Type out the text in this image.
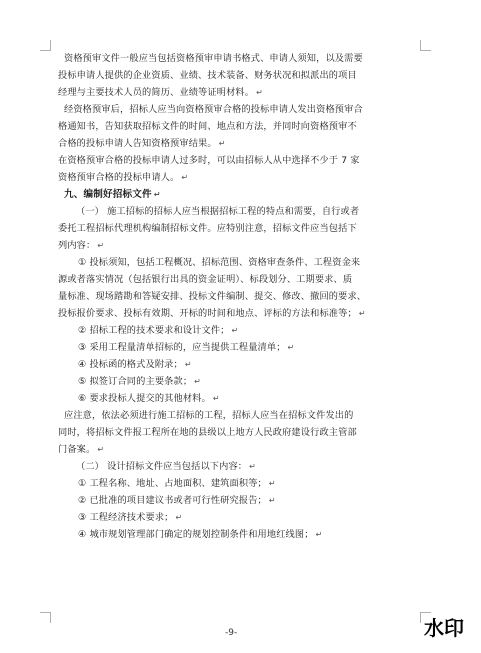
资格预审文件一般应当包括资格预审申请书格式、申请人须知，以及需要
投标申请人提供的企业资质、业绩、技术装备、财务状况和拟派出的项目
经理与主要技术人员的简历、业绩等证明材料。 ↵
经资格预审后，招标人应当向资格预审合格的投标申请人发出资格预审合
格通知书，告知获取招标文件的时间、地点和方法，并同时向资格预审不
合格的投标申请人告知资格预审结果。 ↵
在资格预审合格的投标申请人过多时，可以由招标人从中选择不少于 7 家
资格预审合格的投标申请人。 ↵
九、编制好招标文件 ↵
（一） 施工招标的招标人应当根据招标工程的特点和需要，自行或者
委托工程招标代理机构编制招标文件。应特别注意，招标文件应当包括下
列内容： ↵
① 投标须知，包括工程概况、招标范围、资格审查条件、工程资金来
源或者落实情况（包括银行出具的资金证明）、标段划分、工期要求、质
量标准、现场踏勘和答疑安排、投标文件编制、提交、修改、撤回的要求、
投标报价要求、投标有效期、开标的时间和地点、评标的方法和标准等； ↵
② 招标工程的技术要求和设计文件； ↵
③ 采用工程量清单招标的，应当提供工程量清单； ↵
④ 投标函的格式及附录； ↵
⑤ 拟签订合同的主要条款； ↵
⑥ 要求投标人提交的其他材料。 ↵
应注意，依法必须进行施工招标的工程，招标人应当在招标文件发出的
同时，将招标文件报工程所在地的县级以上地方人民政府建设行政主管部
门备案。 ↵
（二） 设计招标文件应当包括以下内容： ↵
① 工程名称、地址、占地面积、建筑面积等； ↵
② 已批准的项目建议书或者可行性研究报告； ↵
③ 工程经济技术要求； ↵
④ 城市规划管理部门确定的规划控制条件和用地红线图； ↵
-9-	水印
